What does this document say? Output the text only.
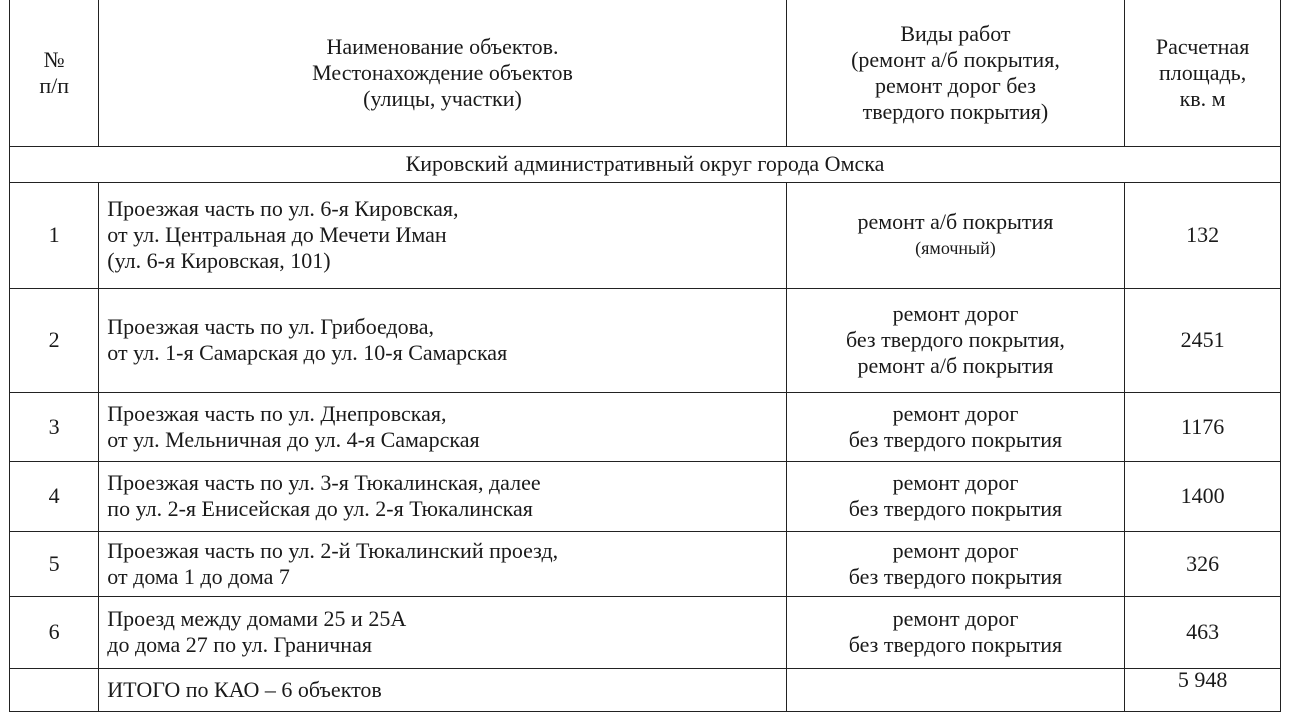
№
п/п	Наименование объектов.
Местонахождение объектов
(улицы, участки)	Виды работ
(ремонт а/б покрытия,
ремонт дорог без
твердого покрытия)	Расчетная
площадь,
кв. м

Кировский административный округ города Омска			
1	Проезжая часть по ул. 6-я Кировская,
от ул. Центральная до Мечети Иман
(ул. 6-я Кировская, 101)	ремонт а/б покрытия
(ямочный)	132
2	Проезжая часть по ул. Грибоедова,
от ул. 1-я Самарская до ул. 10-я Самарская	ремонт дорог
без твердого покрытия,
ремонт а/б покрытия	2451
3	Проезжая часть по ул. Днепровская,
от ул. Мельничная до ул. 4-я Самарская	ремонт дорог
без твердого покрытия	1176
4	Проезжая часть по ул. 3-я Тюкалинская, далее
по ул. 2-я Енисейская до ул. 2-я Тюкалинская	ремонт дорог
без твердого покрытия	1400
5	Проезжая часть по ул. 2-й Тюкалинский проезд,
от дома 1 до дома 7	ремонт дорог
без твердого покрытия	326
6	Проезд между домами 25 и 25А
до дома 27 по ул. Граничная	ремонт дорог
без твердого покрытия	463
	ИТОГО по КАО – 6 объектов		5 948
